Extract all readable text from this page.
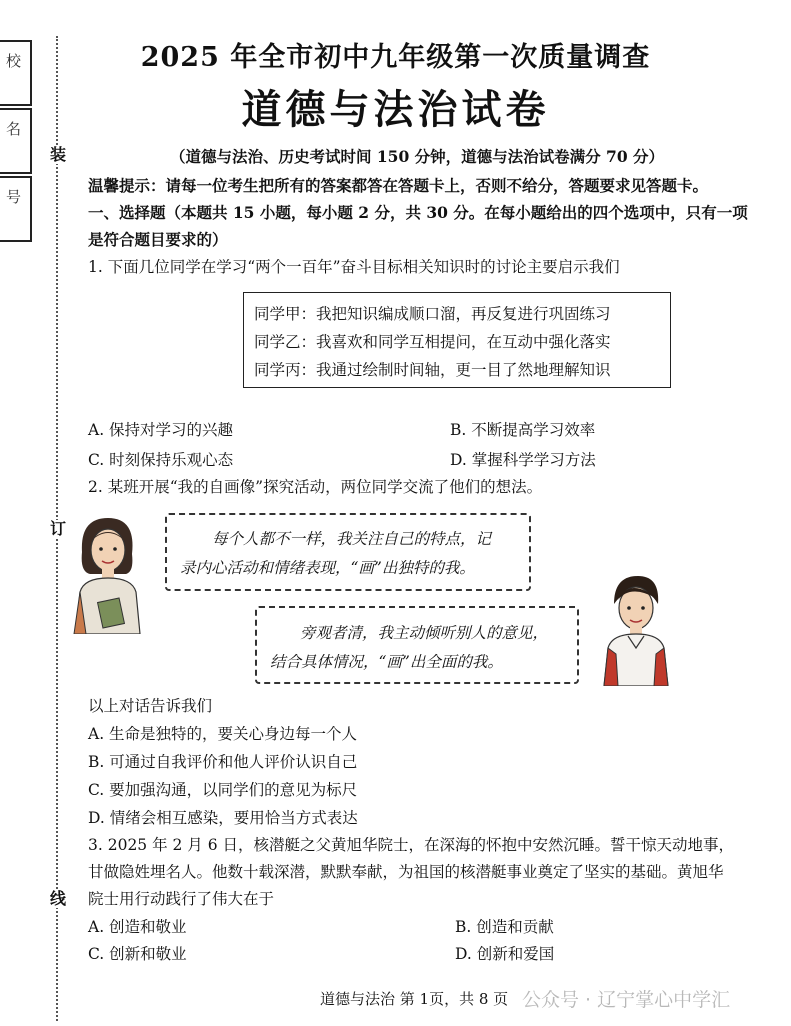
校
名
号
装
订
线
2025 年全市初中九年级第一次质量调查
道德与法治试卷
（道德与法治、历史考试时间 150 分钟，道德与法治试卷满分 70 分）
温馨提示：请每一位考生把所有的答案都答在答题卡上，否则不给分，答题要求见答题卡。
一、选择题（本题共 15 小题，每小题 2 分，共 30 分。在每小题给出的四个选项中，只有一项
是符合题目要求的）
1. 下面几位同学在学习“两个一百年”奋斗目标相关知识时的讨论主要启示我们
同学甲：我把知识编成顺口溜，再反复进行巩固练习
同学乙：我喜欢和同学互相提问，在互动中强化落实
同学丙：我通过绘制时间轴，更一目了然地理解知识
A. 保持对学习的兴趣	B. 不断提高学习效率
C. 时刻保持乐观心态	D. 掌握科学学习方法
2. 某班开展“我的自画像”探究活动，两位同学交流了他们的想法。
每个人都不一样，我关注自己的特点，记
录内心活动和情绪表现，“画”出独特的我。
旁观者清，我主动倾听别人的意见，
结合具体情况，“画”出全面的我。
以上对话告诉我们
A. 生命是独特的，要关心身边每一个人
B. 可通过自我评价和他人评价认识自己
C. 要加强沟通，以同学们的意见为标尺
D. 情绪会相互感染，要用恰当方式表达
3. 2025 年 2 月 6 日，核潜艇之父黄旭华院士，在深海的怀抱中安然沉睡。誓干惊天动地事，
甘做隐姓埋名人。他数十载深潜，默默奉献，为祖国的核潜艇事业奠定了坚实的基础。黄旭华
院士用行动践行了伟大在于
A. 创造和敬业	B. 创造和贡献
C. 创新和敬业	D. 创新和爱国
道德与法治 第 1页，共 8 页 公众号 · 辽宁掌心中学汇
